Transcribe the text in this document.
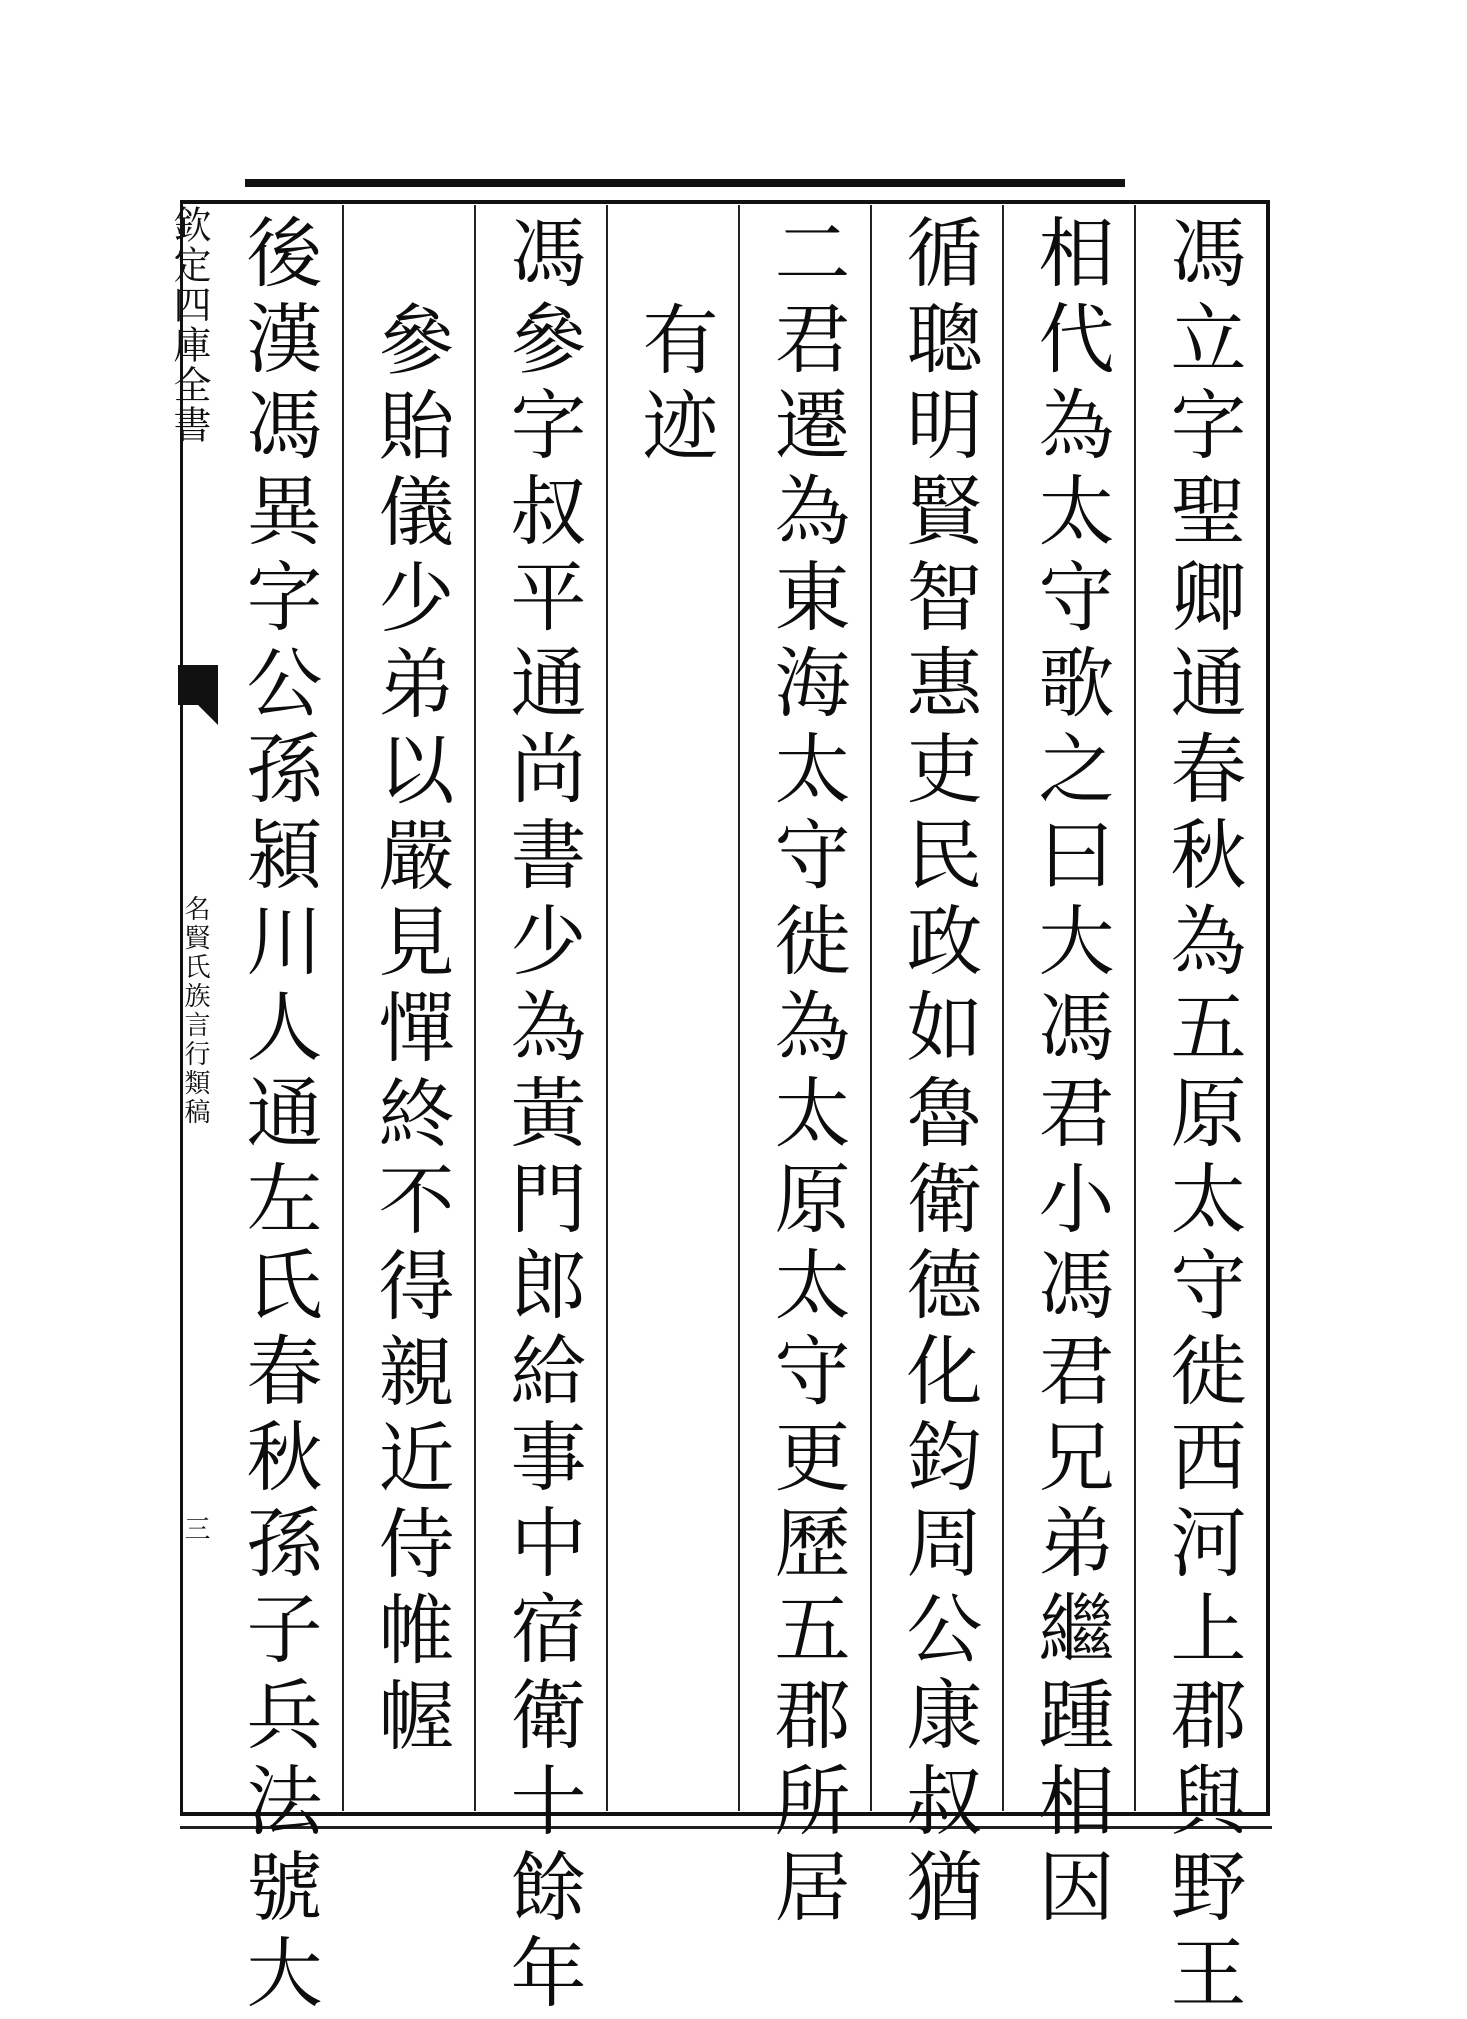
欽定四庫全書
名賢氏族言行類稿
三	馮立字聖卿通春秋為五原太守徙西河上郡與野王
相代為太守歌之曰大馮君小馮君兄弟繼踵相因
循聰明賢智惠吏民政如魯衛德化鈞周公康叔猶
二君遷為東海太守徙為太原太守更歷五郡所居
有迹
馮參字叔平通尚書少為黃門郎給事中宿衛十餘年
參貽儀少弟以嚴見憚終不得親近侍帷幄
後漢馮異字公孫潁川人通左氏春秋孫子兵法號大
